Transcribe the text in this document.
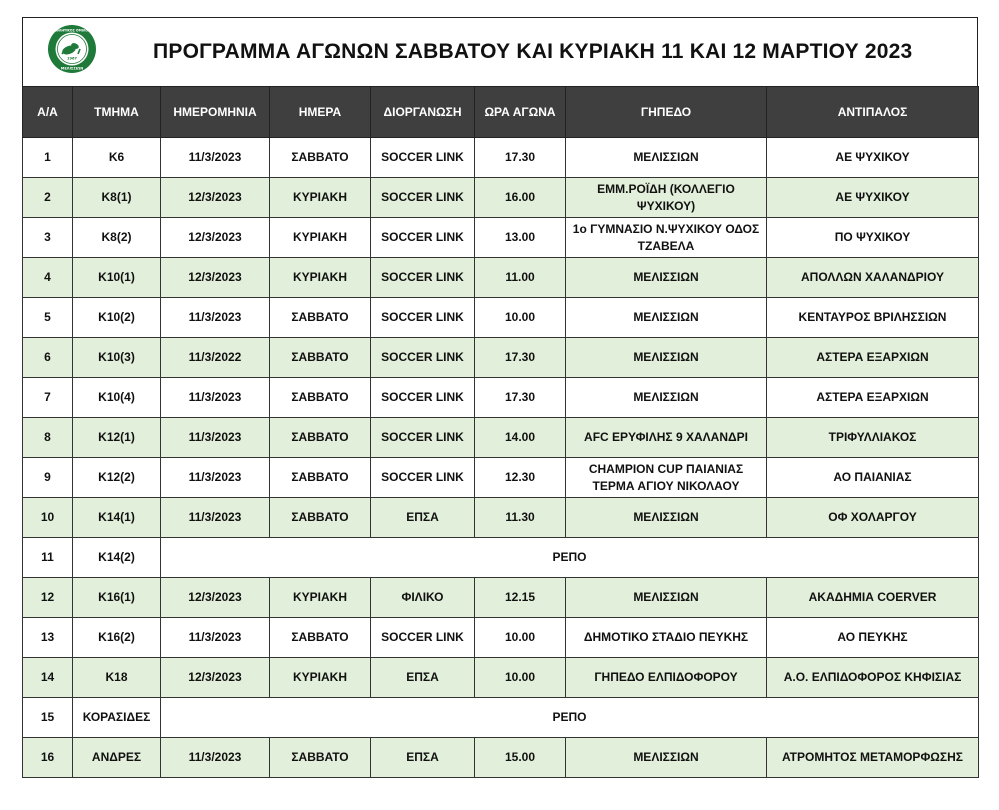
1967
ΑΘΛΗΤΙΚΟΣ ΟΜΙΛΟΣ
ΜΕΛΙΣΣΙΩΝ
ΠΡΟΓΡΑΜΜΑ ΑΓΩΝΩΝ ΣΑΒΒΑΤΟΥ ΚΑΙ ΚΥΡΙΑΚΗ 11 ΚΑΙ 12 ΜΑΡΤΙΟΥ 2023
Α/Α	ΤΜΗΜΑ	ΗΜΕΡΟΜΗΝΙΑ	ΗΜΕΡΑ	ΔΙΟΡΓΑΝΩΣΗ	ΩΡΑ ΑΓΩΝΑ	ΓΗΠΕΔΟ	ΑΝΤΙΠΑΛΟΣ
1	Κ6	11/3/2023	ΣΑΒΒΑΤΟ	SOCCER LINK	17.30	ΜΕΛΙΣΣΙΩΝ	ΑΕ ΨΥΧΙΚΟΥ
2	Κ8(1)	12/3/2023	ΚΥΡΙΑΚΗ	SOCCER LINK	16.00	ΕΜΜ.ΡΟΪΔΗ (ΚΟΛΛΕΓΙΟ ΨΥΧΙΚΟΥ)	ΑΕ ΨΥΧΙΚΟΥ
3	Κ8(2)	12/3/2023	ΚΥΡΙΑΚΗ	SOCCER LINK	13.00	1ο ΓΥΜΝΑΣΙΟ Ν.ΨΥΧΙΚΟΥ ΟΔΟΣ ΤΖΑΒΕΛΑ	ΠΟ ΨΥΧΙΚΟΥ
4	Κ10(1)	12/3/2023	ΚΥΡΙΑΚΗ	SOCCER LINK	11.00	ΜΕΛΙΣΣΙΩΝ	ΑΠΟΛΛΩΝ ΧΑΛΑΝΔΡΙΟΥ
5	Κ10(2)	11/3/2023	ΣΑΒΒΑΤΟ	SOCCER LINK	10.00	ΜΕΛΙΣΣΙΩΝ	ΚΕΝΤΑΥΡΟΣ ΒΡΙΛΗΣΣΙΩΝ
6	Κ10(3)	11/3/2022	ΣΑΒΒΑΤΟ	SOCCER LINK	17.30	ΜΕΛΙΣΣΙΩΝ	ΑΣΤΕΡΑ ΕΞΑΡΧΙΩΝ
7	Κ10(4)	11/3/2023	ΣΑΒΒΑΤΟ	SOCCER LINK	17.30	ΜΕΛΙΣΣΙΩΝ	ΑΣΤΕΡΑ ΕΞΑΡΧΙΩΝ
8	Κ12(1)	11/3/2023	ΣΑΒΒΑΤΟ	SOCCER LINK	14.00	AFC ΕΡΥΦΙΛΗΣ 9 ΧΑΛΑΝΔΡΙ	ΤΡΙΦΥΛΛΙΑΚΟΣ
9	Κ12(2)	11/3/2023	ΣΑΒΒΑΤΟ	SOCCER LINK	12.30	CHAMPION CUP ΠΑΙΑΝΙΑΣ ΤΕΡΜΑ ΑΓΙΟΥ ΝΙΚΟΛΑΟΥ	ΑΟ ΠΑΙΑΝΙΑΣ
10	Κ14(1)	11/3/2023	ΣΑΒΒΑΤΟ	ΕΠΣΑ	11.30	ΜΕΛΙΣΣΙΩΝ	ΟΦ ΧΟΛΑΡΓΟΥ
11	Κ14(2)	ΡΕΠΟ					
12	Κ16(1)	12/3/2023	ΚΥΡΙΑΚΗ	ΦΙΛΙΚΟ	12.15	ΜΕΛΙΣΣΙΩΝ	ΑΚΑΔΗΜΙΑ COERVER
13	Κ16(2)	11/3/2023	ΣΑΒΒΑΤΟ	SOCCER LINK	10.00	ΔΗΜΟΤΙΚΟ ΣΤΑΔΙΟ ΠΕΥΚΗΣ	ΑΟ ΠΕΥΚΗΣ
14	Κ18	12/3/2023	ΚΥΡΙΑΚΗ	ΕΠΣΑ	10.00	ΓΗΠΕΔΟ ΕΛΠΙΔΟΦΟΡΟΥ	Α.Ο. ΕΛΠΙΔΟΦΟΡΟΣ ΚΗΦΙΣΙΑΣ
15	ΚΟΡΑΣΙΔΕΣ	ΡΕΠΟ					
16	ΑΝΔΡΕΣ	11/3/2023	ΣΑΒΒΑΤΟ	ΕΠΣΑ	15.00	ΜΕΛΙΣΣΙΩΝ	ΑΤΡΟΜΗΤΟΣ ΜΕΤΑΜΟΡΦΩΣΗΣ
